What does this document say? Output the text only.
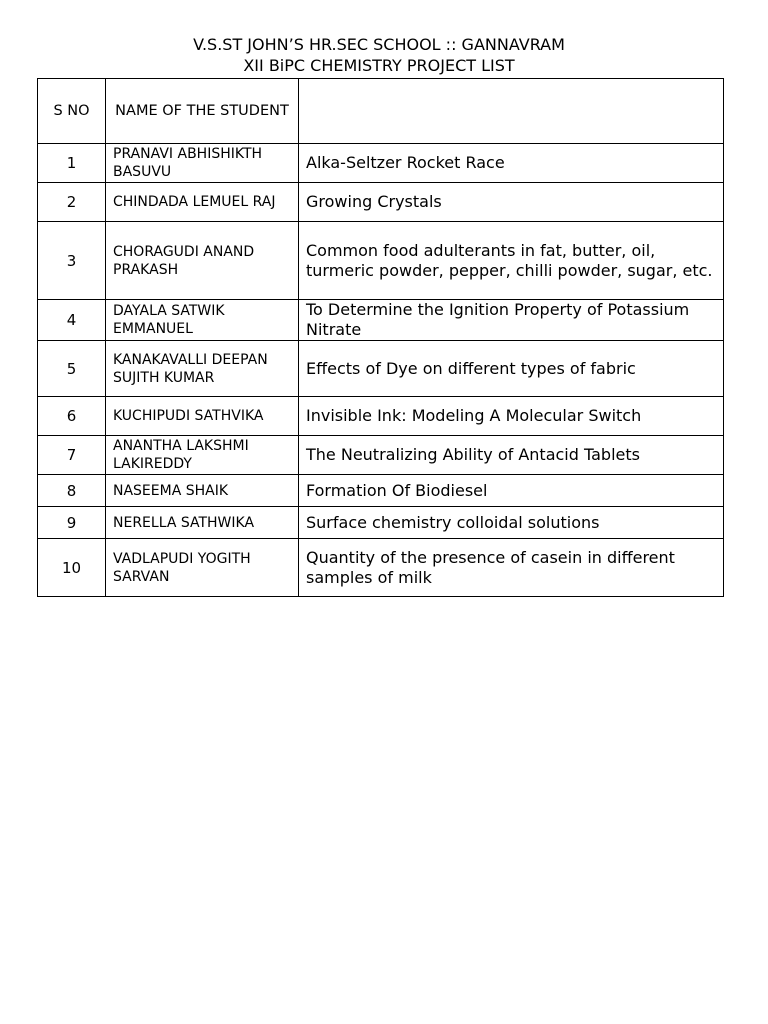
V.S.ST JOHN’S HR.SEC SCHOOL :: GANNAVRAM
XII BiPC CHEMISTRY PROJECT LIST
S NO	NAME OF THE STUDENT	
1	PRANAVI ABHISHIKTH BASUVU	Alka-Seltzer Rocket Race
2	CHINDADA LEMUEL RAJ	Growing Crystals
3	CHORAGUDI ANAND PRAKASH	Common food adulterants in fat, butter, oil, turmeric powder, pepper, chilli powder, sugar, etc.
4	DAYALA SATWIK EMMANUEL	To Determine the Ignition Property of Potassium Nitrate
5	KANAKAVALLI DEEPAN SUJITH KUMAR	Effects of Dye on different types of fabric
6	KUCHIPUDI SATHVIKA	Invisible Ink: Modeling A Molecular Switch
7	ANANTHA LAKSHMI LAKIREDDY	The Neutralizing Ability of Antacid Tablets
8	NASEEMA SHAIK	Formation Of Biodiesel
9	NERELLA SATHWIKA	Surface chemistry colloidal solutions
10	VADLAPUDI YOGITH SARVAN	Quantity of the presence of casein in different samples of milk
